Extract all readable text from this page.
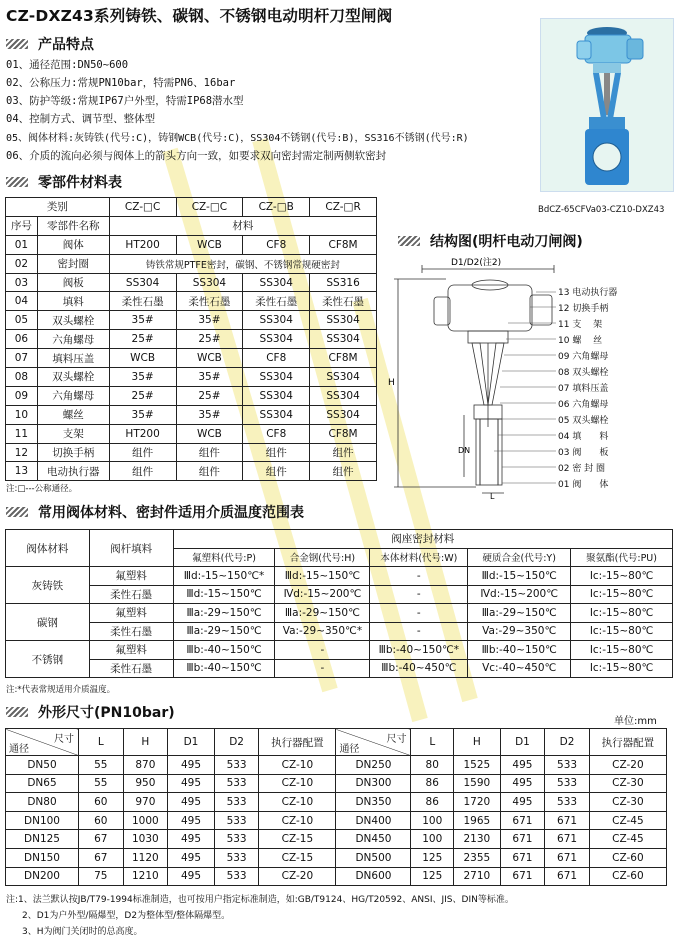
CZ-DXZ43系列铸铁、碳钢、不锈钢电动明杆刀型闸阀
产品特点
01、通径范围:DN50~600
02、公称压力:常规PN10bar，特需PN6、16bar
03、防护等级:常规IP67户外型，特需IP68潜水型
04、控制方式、调节型、整体型
05、阀体材料:灰铸铁(代号:C)，铸钢WCB(代号:C)，SS304不锈钢(代号:B)，SS316不锈钢(代号:R)
06、介质的流向必须与阀体上的箭头方向一致，如要求双向密封需定制两侧软密封
BdCZ-65CFVa03-CZ10-DXZ43
零部件材料表
类别		CZ-□C	CZ-□C	CZ-□B	CZ-□R
序号	零部件名称	材料			
01	阀体	HT200	WCB	CF8	CF8M
02	密封圈	铸铁常规PTFE密封，碳钢、不锈钢常规硬密封			
03	阀板	SS304	SS304	SS304	SS316
04	填料	柔性石墨	柔性石墨	柔性石墨	柔性石墨
05	双头螺栓	35#	35#	SS304	SS304
06	六角螺母	25#	25#	SS304	SS304
07	填料压盖	WCB	WCB	CF8	CF8M
08	双头螺栓	35#	35#	SS304	SS304
09	六角螺母	25#	25#	SS304	SS304
10	螺丝	35#	35#	SS304	SS304
11	支架	HT200	WCB	CF8	CF8M
12	切换手柄	组件	组件	组件	组件
13	电动执行器	组件	组件	组件	组件
注:□---公称通径。
结构图(明杆电动刀闸阀)
D1/D2(注2)
H
DN
L
13 电动执行器
12 切换手柄
11 支　 架
10 螺　 丝
09 六角螺母
08 双头螺栓
07 填料压盖
06 六角螺母
05 双头螺栓
04 填　　料
03 阀　　板
02 密 封 圈
01 阀　　体
常用阀体材料、密封件适用介质温度范围表
阀体材料	阀杆填料	阀座密封材料				
		氟塑料(代号:P)	合金钢(代号:H)	本体材料(代号:W)	硬质合金(代号:Y)	聚氨酯(代号:PU)
灰铸铁	氟塑料	Ⅲd:-15~150℃*	Ⅲd:-15~150℃	-	Ⅲd:-15~150℃	Ic:-15~80℃
	柔性石墨	Ⅲd:-15~150℃	Ⅳd:-15~200℃	-	Ⅳd:-15~200℃	Ic:-15~80℃
碳钢	氟塑料	Ⅲa:-29~150℃	Ⅲa:-29~150℃	-	Ⅲa:-29~150℃	Ic:-15~80℃
	柔性石墨	Ⅲa:-29~150℃	Va:-29~350℃*	-	Va:-29~350℃	Ic:-15~80℃
不锈钢	氟塑料	Ⅲb:-40~150℃	-	Ⅲb:-40~150℃*	Ⅲb:-40~150℃	Ic:-15~80℃
	柔性石墨	Ⅲb:-40~150℃	-	Ⅲb:-40~450℃	Vc:-40~450℃	Ic:-15~80℃
注:*代表常规适用介质温度。
外形尺寸(PN10bar)
单位:mm
尺寸
通径	L	H	D1	D2	执行器配置	尺寸
通径	L	H	D1	D2	执行器配置
DN50	55	870	495	533	CZ-10	DN250	80	1525	495	533	CZ-20
DN65	55	950	495	533	CZ-10	DN300	86	1590	495	533	CZ-30
DN80	60	970	495	533	CZ-10	DN350	86	1720	495	533	CZ-30
DN100	60	1000	495	533	CZ-10	DN400	100	1965	671	671	CZ-45
DN125	67	1030	495	533	CZ-15	DN450	100	2130	671	671	CZ-45
DN150	67	1120	495	533	CZ-15	DN500	125	2355	671	671	CZ-60
DN200	75	1210	495	533	CZ-20	DN600	125	2710	671	671	CZ-60
注:1、法兰默认按JB/T79-1994标准制造，也可按用户指定标准制造，如:GB/T9124、HG/T20592、ANSI、JIS、DIN等标准。
2、D1为户外型/隔爆型，D2为整体型/整体隔爆型。
3、H为阀门关闭时的总高度。
